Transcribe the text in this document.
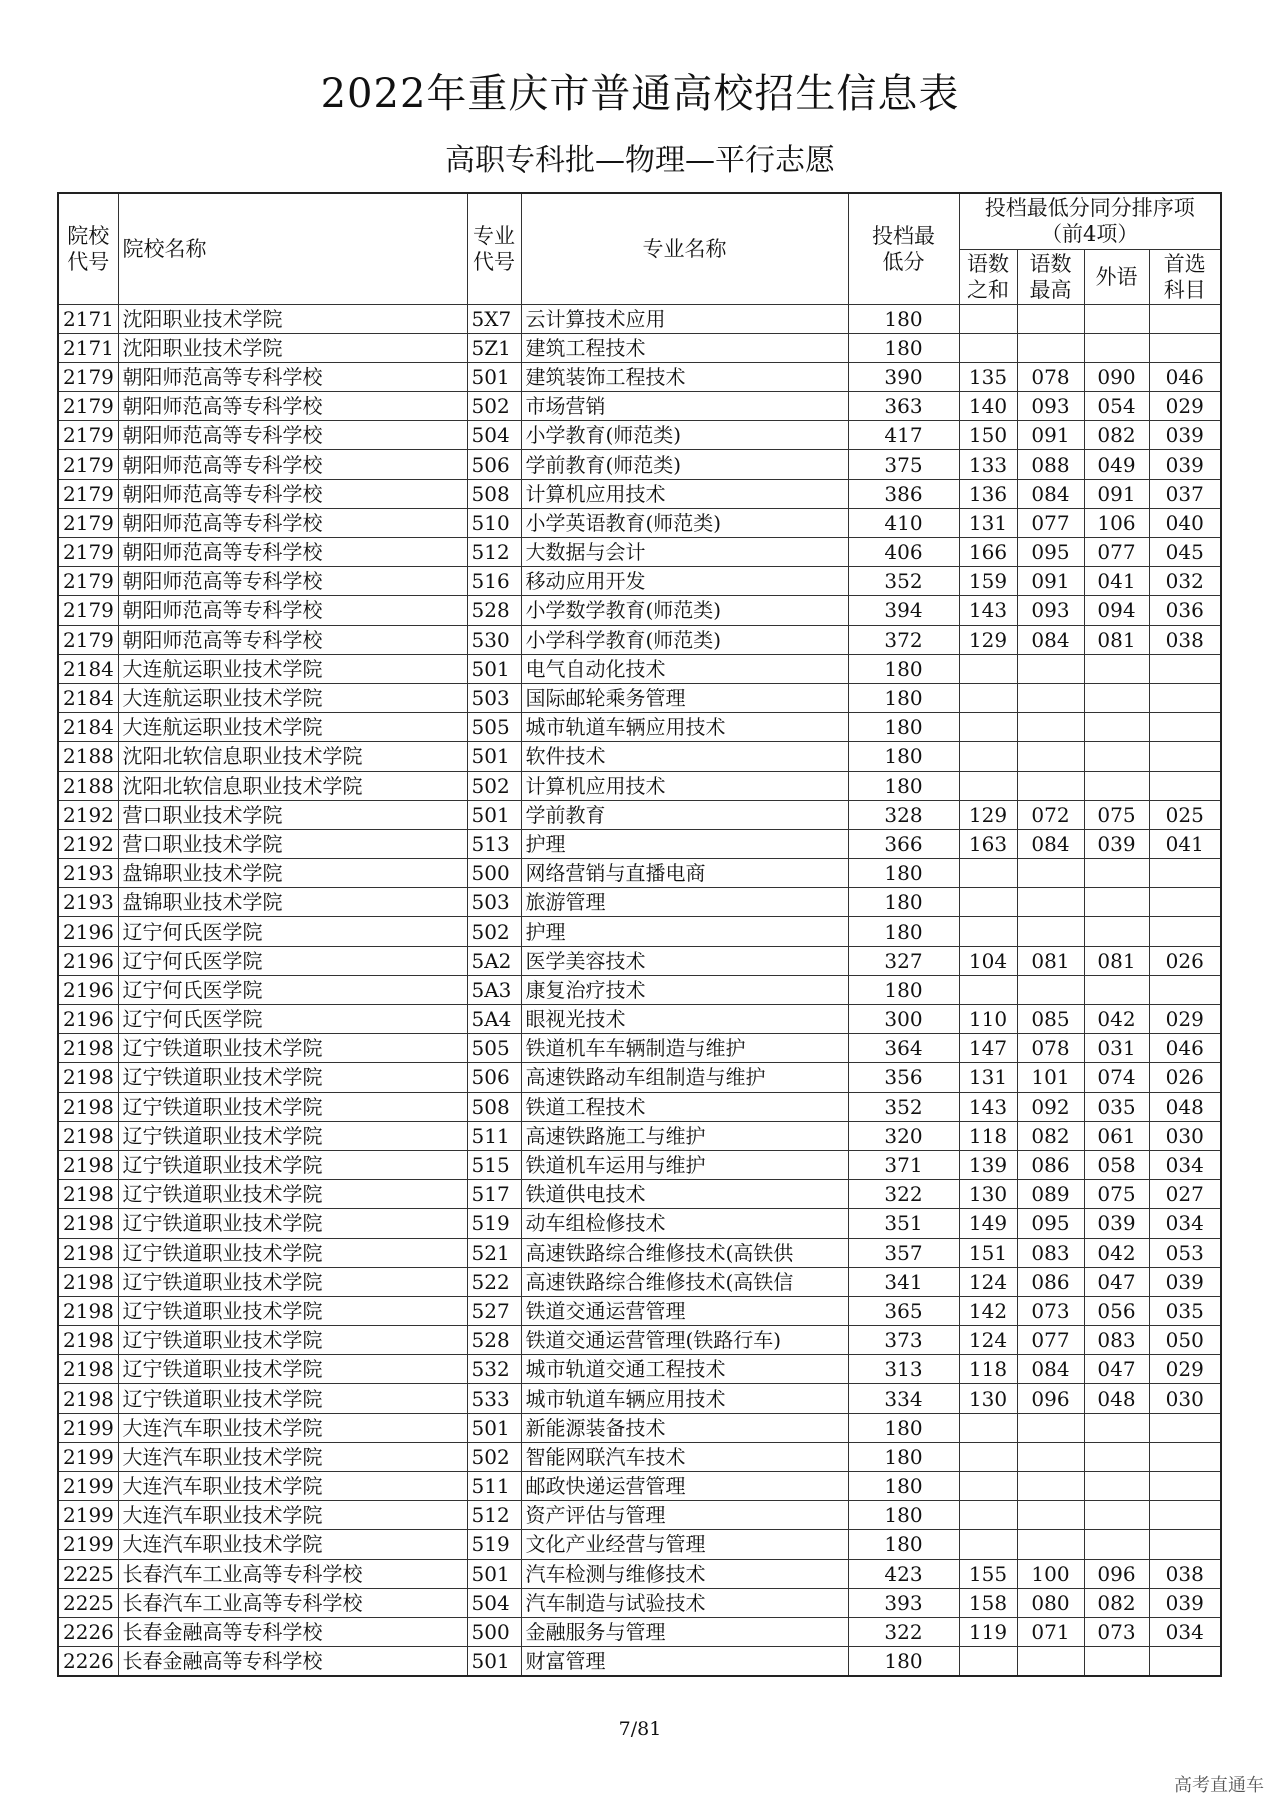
2022年重庆市普通高校招生信息表
高职专科批—物理—平行志愿
院校代号	院校名称	专业代号	专业名称	投档最低分	投档最低分同分排序项
（前4项）			

					语数之和	语数最高	外语	首选科目
2171	沈阳职业技术学院	5X7	云计算技术应用	180				
2171	沈阳职业技术学院	5Z1	建筑工程技术	180				
2179	朝阳师范高等专科学校	501	建筑装饰工程技术	390	135	078	090	046
2179	朝阳师范高等专科学校	502	市场营销	363	140	093	054	029
2179	朝阳师范高等专科学校	504	小学教育(师范类)	417	150	091	082	039
2179	朝阳师范高等专科学校	506	学前教育(师范类)	375	133	088	049	039
2179	朝阳师范高等专科学校	508	计算机应用技术	386	136	084	091	037
2179	朝阳师范高等专科学校	510	小学英语教育(师范类)	410	131	077	106	040
2179	朝阳师范高等专科学校	512	大数据与会计	406	166	095	077	045
2179	朝阳师范高等专科学校	516	移动应用开发	352	159	091	041	032
2179	朝阳师范高等专科学校	528	小学数学教育(师范类)	394	143	093	094	036
2179	朝阳师范高等专科学校	530	小学科学教育(师范类)	372	129	084	081	038
2184	大连航运职业技术学院	501	电气自动化技术	180				
2184	大连航运职业技术学院	503	国际邮轮乘务管理	180				
2184	大连航运职业技术学院	505	城市轨道车辆应用技术	180				
2188	沈阳北软信息职业技术学院	501	软件技术	180				
2188	沈阳北软信息职业技术学院	502	计算机应用技术	180				
2192	营口职业技术学院	501	学前教育	328	129	072	075	025
2192	营口职业技术学院	513	护理	366	163	084	039	041
2193	盘锦职业技术学院	500	网络营销与直播电商	180				
2193	盘锦职业技术学院	503	旅游管理	180				
2196	辽宁何氏医学院	502	护理	180				
2196	辽宁何氏医学院	5A2	医学美容技术	327	104	081	081	026
2196	辽宁何氏医学院	5A3	康复治疗技术	180				
2196	辽宁何氏医学院	5A4	眼视光技术	300	110	085	042	029
2198	辽宁铁道职业技术学院	505	铁道机车车辆制造与维护	364	147	078	031	046
2198	辽宁铁道职业技术学院	506	高速铁路动车组制造与维护	356	131	101	074	026
2198	辽宁铁道职业技术学院	508	铁道工程技术	352	143	092	035	048
2198	辽宁铁道职业技术学院	511	高速铁路施工与维护	320	118	082	061	030
2198	辽宁铁道职业技术学院	515	铁道机车运用与维护	371	139	086	058	034
2198	辽宁铁道职业技术学院	517	铁道供电技术	322	130	089	075	027
2198	辽宁铁道职业技术学院	519	动车组检修技术	351	149	095	039	034
2198	辽宁铁道职业技术学院	521	高速铁路综合维修技术(高铁供	357	151	083	042	053
2198	辽宁铁道职业技术学院	522	高速铁路综合维修技术(高铁信	341	124	086	047	039
2198	辽宁铁道职业技术学院	527	铁道交通运营管理	365	142	073	056	035
2198	辽宁铁道职业技术学院	528	铁道交通运营管理(铁路行车)	373	124	077	083	050
2198	辽宁铁道职业技术学院	532	城市轨道交通工程技术	313	118	084	047	029
2198	辽宁铁道职业技术学院	533	城市轨道车辆应用技术	334	130	096	048	030
2199	大连汽车职业技术学院	501	新能源装备技术	180				
2199	大连汽车职业技术学院	502	智能网联汽车技术	180				
2199	大连汽车职业技术学院	511	邮政快递运营管理	180				
2199	大连汽车职业技术学院	512	资产评估与管理	180				
2199	大连汽车职业技术学院	519	文化产业经营与管理	180				
2225	长春汽车工业高等专科学校	501	汽车检测与维修技术	423	155	100	096	038
2225	长春汽车工业高等专科学校	504	汽车制造与试验技术	393	158	080	082	039
2226	长春金融高等专科学校	500	金融服务与管理	322	119	071	073	034
2226	长春金融高等专科学校	501	财富管理	180				
7/81
高考直通车
